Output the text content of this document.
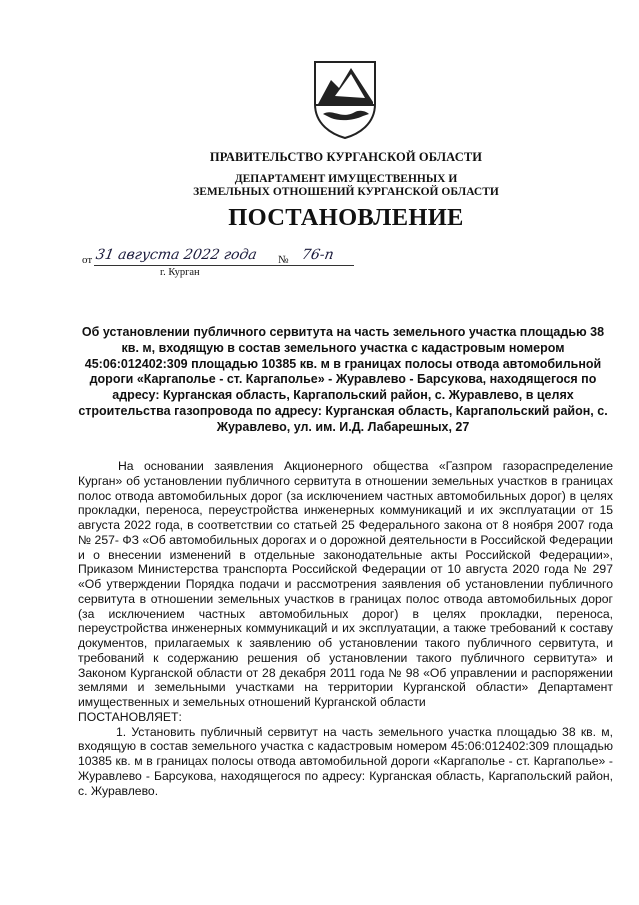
ПРАВИТЕЛЬСТВО КУРГАНСКОЙ ОБЛАСТИ
ДЕПАРТАМЕНТ ИМУЩЕСТВЕННЫХ И
ЗЕМЕЛЬНЫХ ОТНОШЕНИЙ КУРГАНСКОЙ ОБЛАСТИ
ПОСТАНОВЛЕНИЕ
от 31 августа 2022 года № 76-п
г. Курган
Об установлении публичного сервитута на часть земельного участка площадью 38 кв. м, входящую в состав земельного участка с кадастровым номером 45:06:012402:309 площадью 10385 кв. м в границах полосы отвода автомобильной дороги «Каргаполье - ст. Каргаполье» - Журавлево - Барсукова, находящегося по адресу: Курганская область, Каргапольский район, с. Журавлево, в целях строительства газопровода по адресу: Курганская область, Каргапольский район, с. Журавлево, ул. им. И.Д. Лабарешных, 27

На основании заявления Акционерного общества «Газпром газораспределение Курган» об установлении публичного сервитута в отношении земельных участков в границах полос отвода автомобильных дорог (за исключением частных автомобильных дорог) в целях прокладки, переноса, переустройства инженерных коммуникаций и их эксплуатации от 15 августа 2022 года, в соответствии со статьей 25 Федерального закона от 8 ноября 2007 года № 257- ФЗ «Об автомобильных дорогах и о дорожной деятельности в Российской Федерации и о внесении изменений в отдельные законодательные акты Российской Федерации», Приказом Министерства транспорта Российской Федерации от 10 августа 2020 года № 297 «Об утверждении Порядка подачи и рассмотрения заявления об установлении публичного сервитута в отношении земельных участков в границах полос отвода автомобильных дорог (за исключением частных автомобильных дорог) в целях прокладки, переноса, переустройства инженерных коммуникаций и их эксплуатации, а также требований к составу документов, прилагаемых к заявлению об установлении такого публичного сервитута, и требований к содержанию решения об установлении такого публичного сервитута» и Законом Курганской области от 28 декабря 2011 года № 98 «Об управлении и распоряжении землями и земельными участками на территории Курганской области» Департамент имущественных и земельных отношений Курганской области

ПОСТАНОВЛЯЕТ:

1. Установить публичный сервитут на часть земельного участка площадью 38 кв. м, входящую в состав земельного участка с кадастровым номером 45:06:012402:309 площадью 10385 кв. м в границах полосы отвода автомобильной дороги «Каргаполье - ст. Каргаполье» - Журавлево - Барсукова, находящегося по адресу: Курганская область, Каргапольский район, с. Журавлево.
